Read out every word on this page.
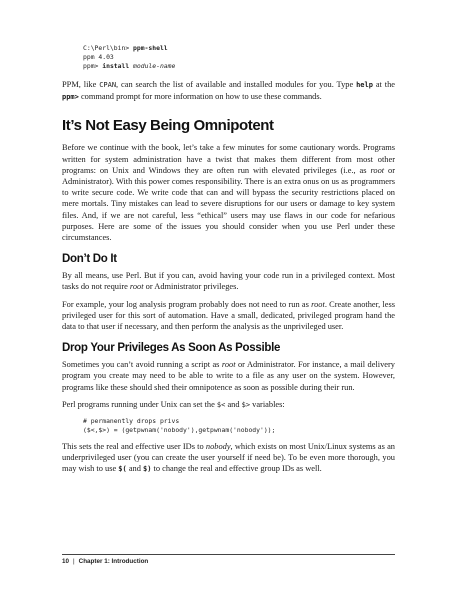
C:\Perl\bin> ppm-shell
ppm 4.03
ppm> install module-name

PPM, like CPAN, can search the list of available and installed modules for you. Type help at the ppm> command prompt for more information on how to use these commands.

It’s Not Easy Being Omnipotent

Before we continue with the book, let’s take a few minutes for some cautionary words. Programs written for system administration have a twist that makes them different from most other programs: on Unix and Windows they are often run with elevated privileges (i.e., as root or Administrator). With this power comes responsibility. There is an extra onus on us as programmers to write secure code. We write code that can and will bypass the security restrictions placed on mere mortals. Tiny mistakes can lead to severe disruptions for our users or damage to key system files. And, if we are not careful, less “ethical” users may use flaws in our code for nefarious purposes. Here are some of the issues you should consider when you use Perl under these circumstances.

Don’t Do It

By all means, use Perl. But if you can, avoid having your code run in a privileged context. Most tasks do not require root or Administrator privileges.

For example, your log analysis program probably does not need to run as root. Create another, less privileged user for this sort of automation. Have a small, dedicated, privileged program hand the data to that user if necessary, and then perform the analysis as the unprivileged user.

Drop Your Privileges As Soon As Possible

Sometimes you can’t avoid running a script as root or Administrator. For instance, a mail delivery program you create may need to be able to write to a file as any user on the system. However, programs like these should shed their omnipotence as soon as possible during their run.

Perl programs running under Unix can set the $< and $> variables:

# permanently drops privs
($<,$>) = (getpwnam('nobody'),getpwnam('nobody'));

This sets the real and effective user IDs to nobody, which exists on most Unix/Linux systems as an underprivileged user (you can create the user yourself if need be). To be even more thorough, you may wish to use $( and $) to change the real and effective group IDs as well.

10 | Chapter 1: Introduction
